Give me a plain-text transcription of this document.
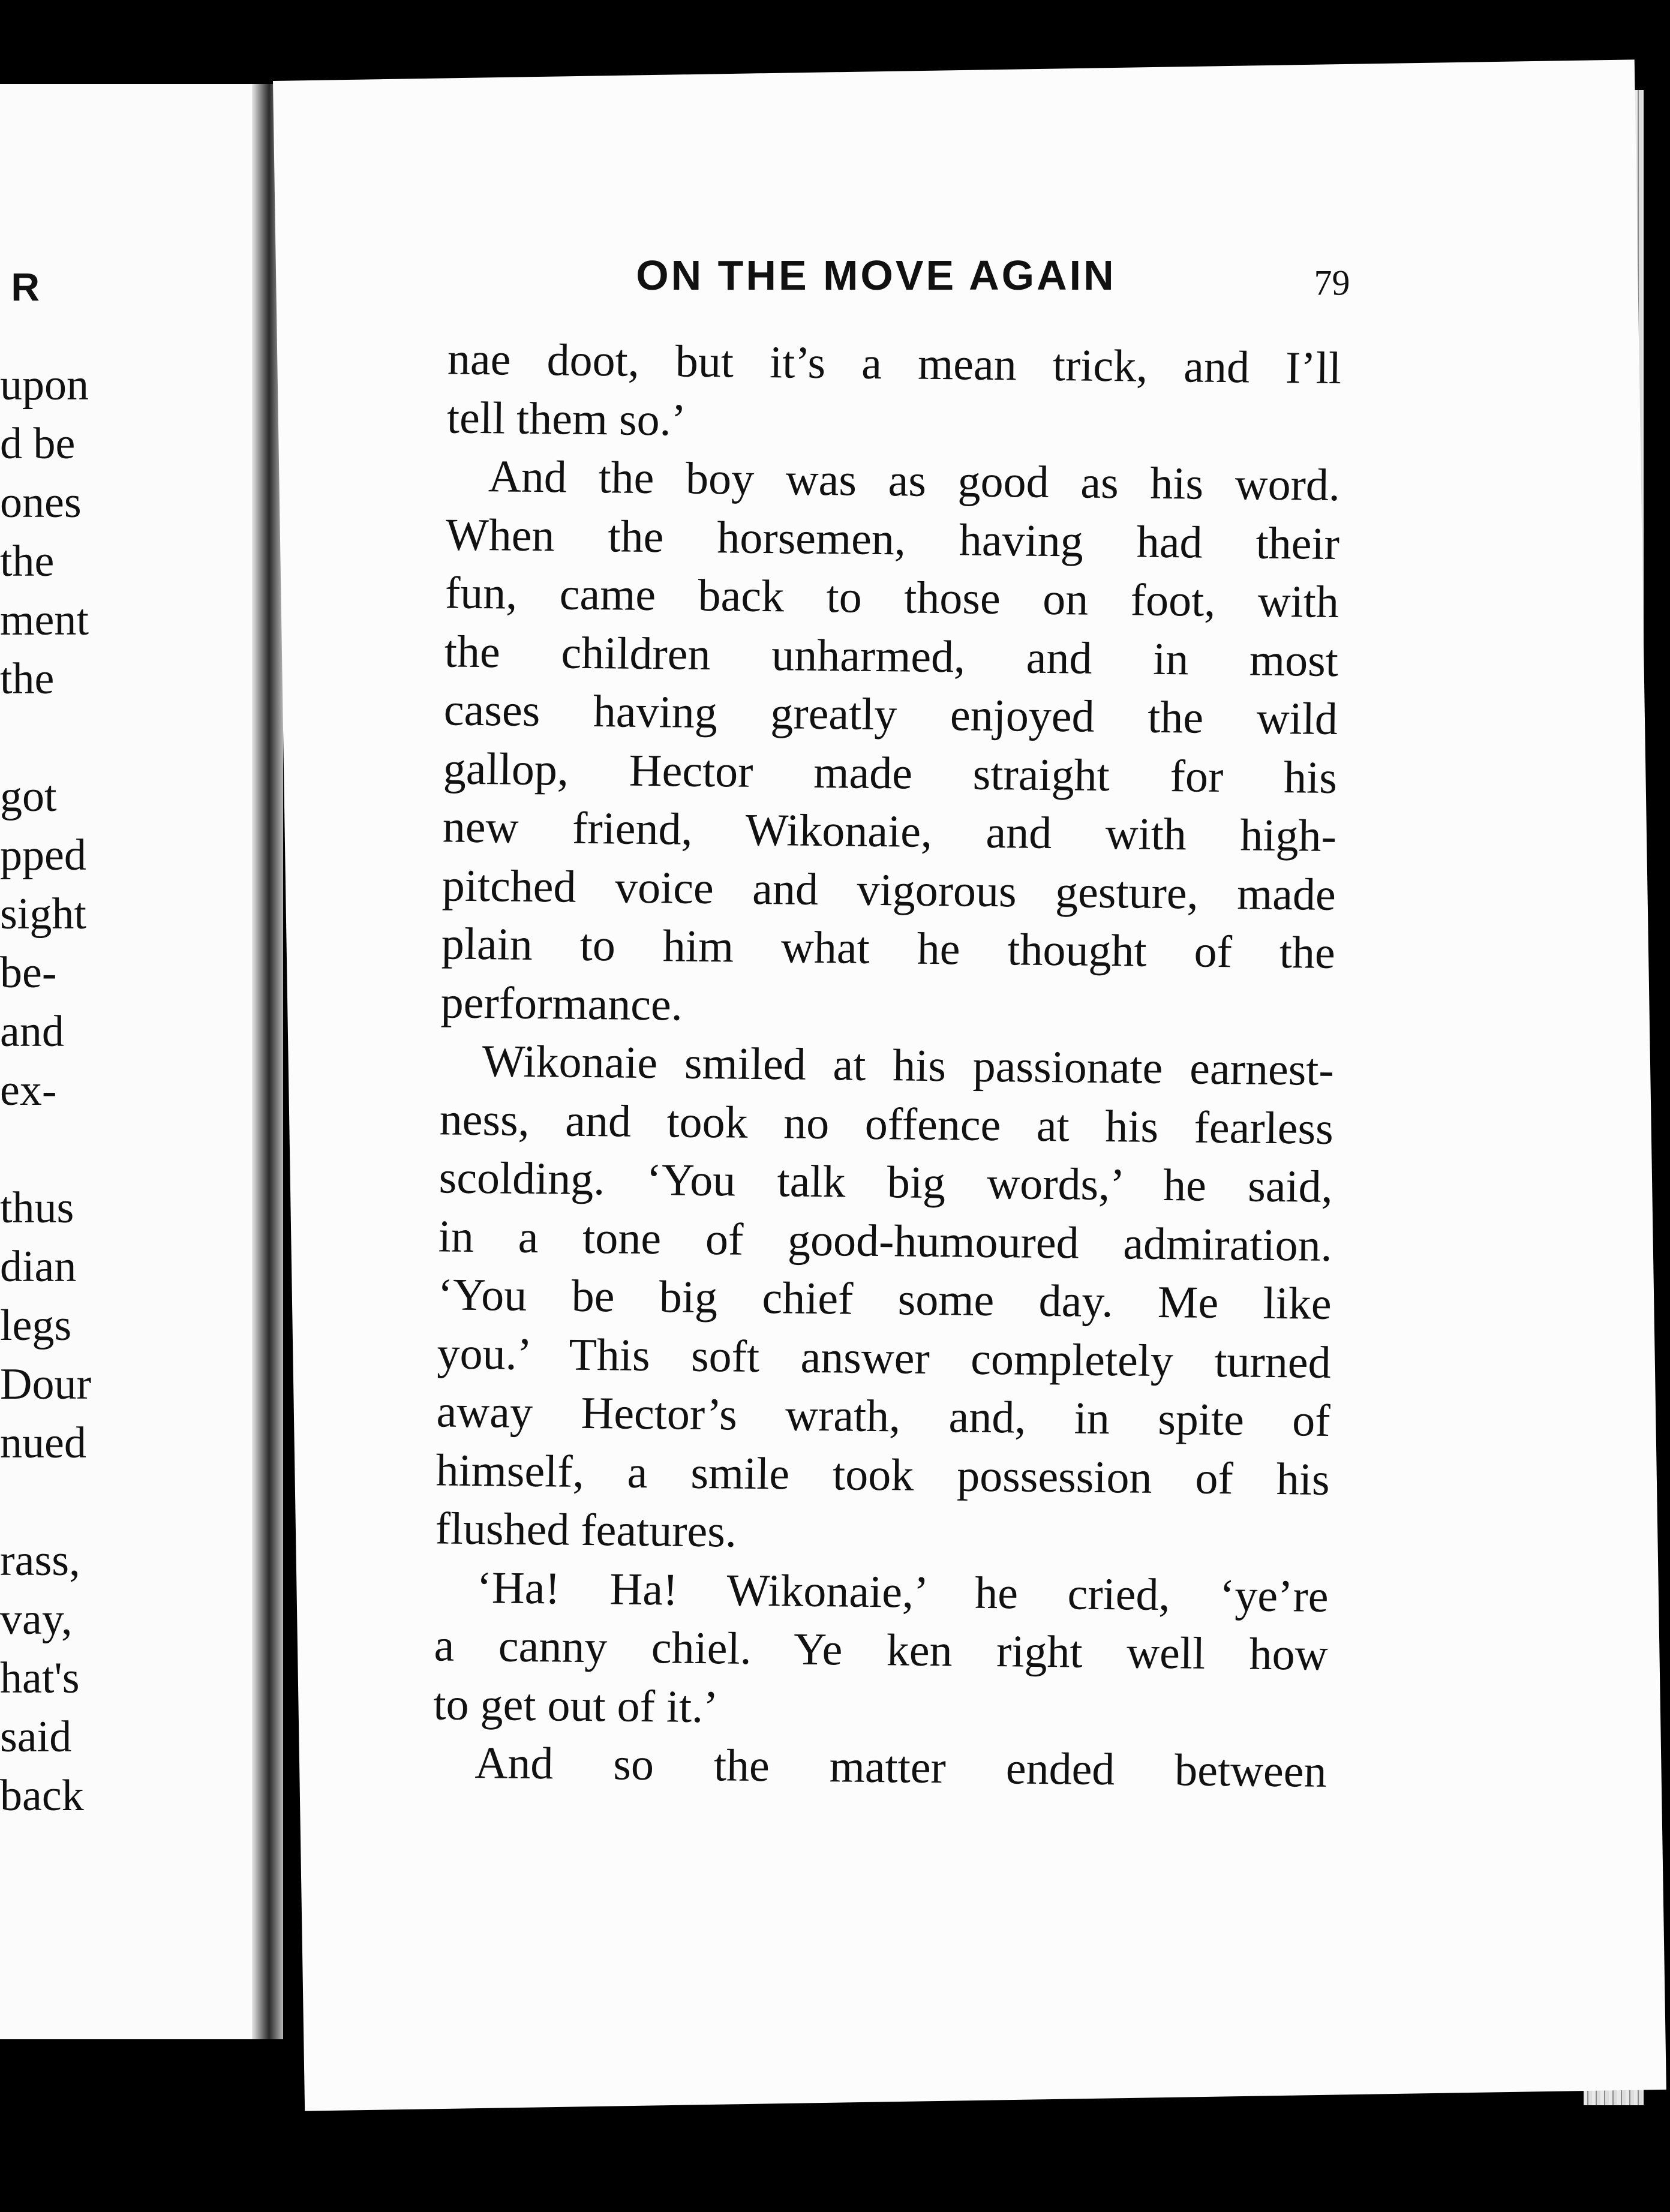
R
upon
d be
ones
the
ment
the
got
pped
sight
be-
and
ex-
thus
dian
legs
Dour
nued
rass,
vay,
hat's
said
back
ON THE MOVE AGAIN	79
nae doot, but it’s a mean trick, and I’ll
tell them so.’
And the boy was as good as his word.
When the horsemen, having had their
fun, came back to those on foot, with
the children unharmed, and in most
cases having greatly enjoyed the wild
gallop, Hector made straight for his
new friend, Wikonaie, and with high-
pitched voice and vigorous gesture, made
plain to him what he thought of the
performance.
Wikonaie smiled at his passionate earnest-
ness, and took no offence at his fearless
scolding. ‘You talk big words,’ he said,
in a tone of good-humoured admiration.
‘You be big chief some day. Me like
you.’ This soft answer completely turned
away Hector’s wrath, and, in spite of
himself, a smile took possession of his
flushed features.
‘Ha! Ha! Wikonaie,’ he cried, ‘ye’re
a canny chiel. Ye ken right well how
to get out of it.’
And so the matter ended between
